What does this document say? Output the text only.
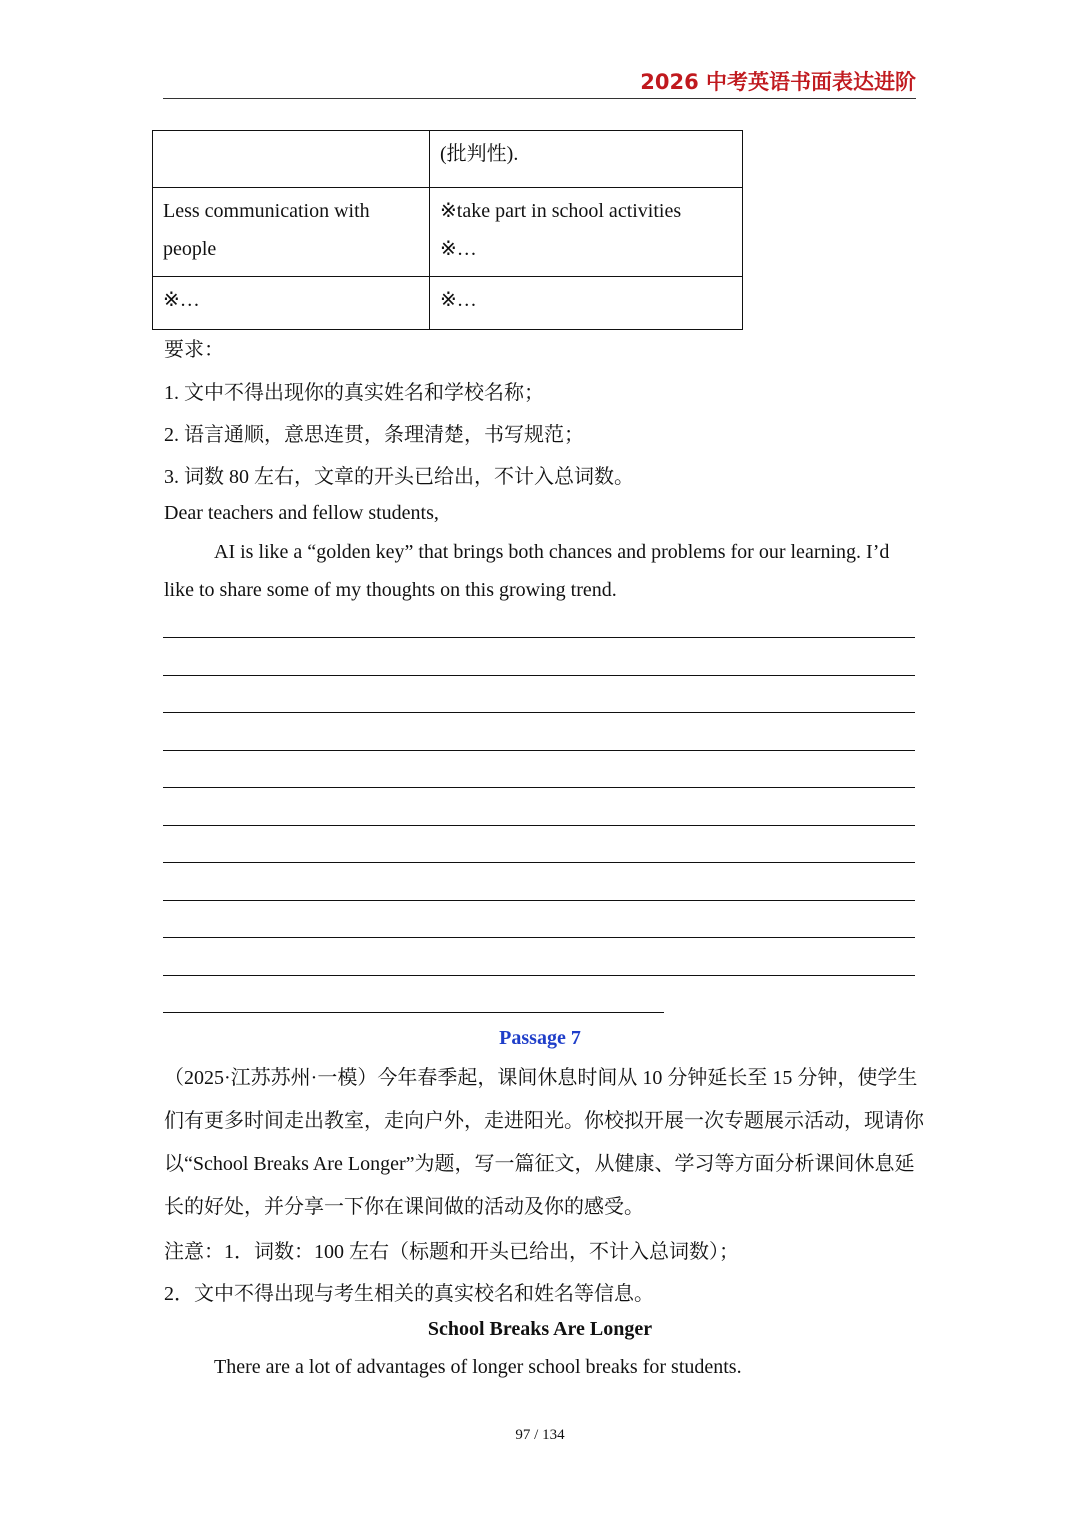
2026 中考英语书面表达进阶
	(批判性).
Less communication with people	※take part in school activities
※…
※…	※…
要求：
1. 文中不得出现你的真实姓名和学校名称；
2. 语言通顺，意思连贯，条理清楚，书写规范；
3. 词数 80 左右，文章的开头已给出，不计入总词数。
Dear teachers and fellow students,
AI is like a “golden key” that brings both chances and problems for our learning. I’d like to share some of my thoughts on this growing trend.
Passage 7
（2025·江苏苏州·一模）今年春季起，课间休息时间从 10 分钟延长至 15 分钟，使学生们有更多时间走出教室，走向户外，走进阳光。你校拟开展一次专题展示活动，现请你以“School Breaks Are Longer”为题，写一篇征文，从健康、学习等方面分析课间休息延长的好处，并分享一下你在课间做的活动及你的感受。
注意：1．词数：100 左右（标题和开头已给出，不计入总词数）；
2．文中不得出现与考生相关的真实校名和姓名等信息。
School Breaks Are Longer
There are a lot of advantages of longer school breaks for students.
97 / 134
